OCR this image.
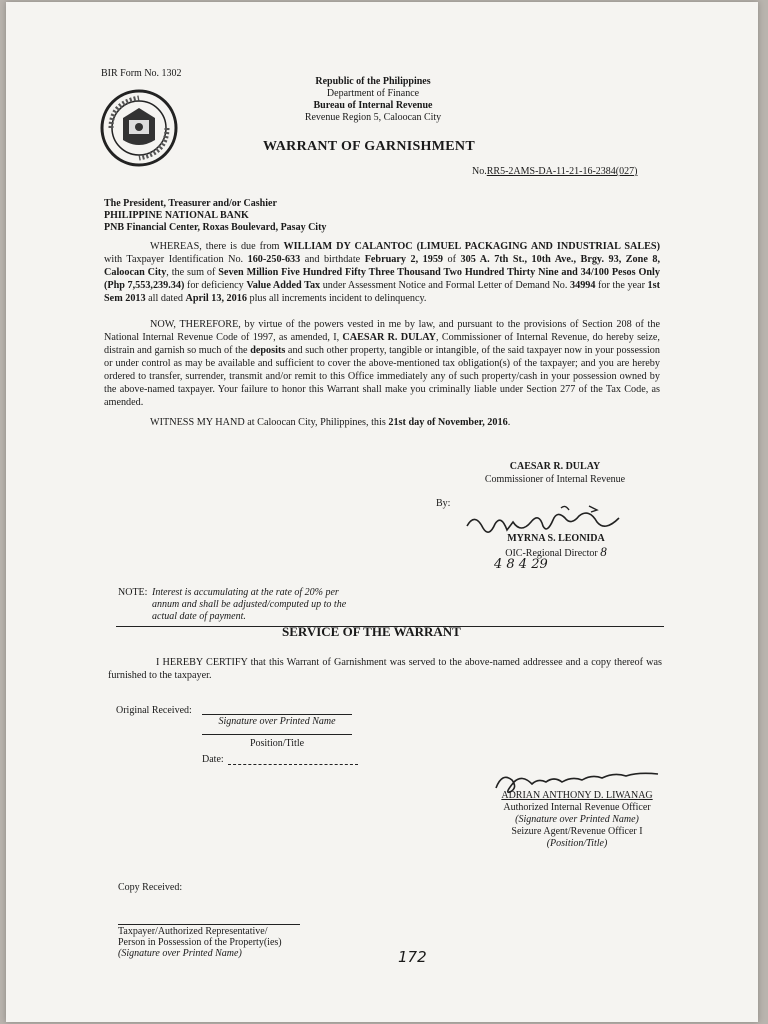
BIR Form No. 1302
Republic of the Philippines
Department of Finance
Bureau of Internal Revenue
Revenue Region 5, Caloocan City
WARRANT OF GARNISHMENT
No.RR5-2AMS-DA-11-21-16-2384(027)
The President, Treasurer and/or Cashier
PHILIPPINE NATIONAL BANK
PNB Financial Center, Roxas Boulevard, Pasay City

WHEREAS, there is due from WILLIAM DY CALANTOC (LIMUEL PACKAGING AND INDUSTRIAL SALES) with Taxpayer Identification No. 160-250-633 and birthdate February 2, 1959 of 305 A. 7th St., 10th Ave., Brgy. 93, Zone 8, Caloocan City, the sum of Seven Million Five Hundred Fifty Three Thousand Two Hundred Thirty Nine and 34/100 Pesos Only (Php 7,553,239.34) for deficiency Value Added Tax under Assessment Notice and Formal Letter of Demand No. 34994 for the year 1st Sem 2013 all dated April 13, 2016 plus all increments incident to delinquency.

NOW, THEREFORE, by virtue of the powers vested in me by law, and pursuant to the provisions of Section 208 of the National Internal Revenue Code of 1997, as amended, I, CAESAR R. DULAY, Commissioner of Internal Revenue, do hereby seize, distrain and garnish so much of the deposits and such other property, tangible or intangible, of the said taxpayer now in your possession or under control as may be available and sufficient to cover the above-mentioned tax obligation(s) of the taxpayer; and you are hereby ordered to transfer, surrender, transmit and/or remit to this Office immediately any of such property/cash in your possession owned by the above-named taxpayer. Your failure to honor this Warrant shall make you criminally liable under Section 277 of the Tax Code, as amended.

WITNESS MY HAND at Caloocan City, Philippines, this 21st day of November, 2016.

CAESAR R. DULAY
Commissioner of Internal Revenue
By:
MYRNA S. LEONIDA
OIC-Regional Director 8
4 8 4 29
NOTE: Interest is accumulating at the rate of 20% per annum and shall be adjusted/computed up to the actual date of payment.
SERVICE OF THE WARRANT

I HEREBY CERTIFY that this Warrant of Garnishment was served to the above-named addressee and a copy thereof was furnished to the taxpayer.

Original Received:
Signature over Printed Name
Position/Title
Date:
ADRIAN ANTHONY D. LIWANAG
Authorized Internal Revenue Officer
(Signature over Printed Name)
Seizure Agent/Revenue Officer I
(Position/Title)
Copy Received:
Taxpayer/Authorized Representative/
Person in Possession of the Property(ies)
(Signature over Printed Name)	172
